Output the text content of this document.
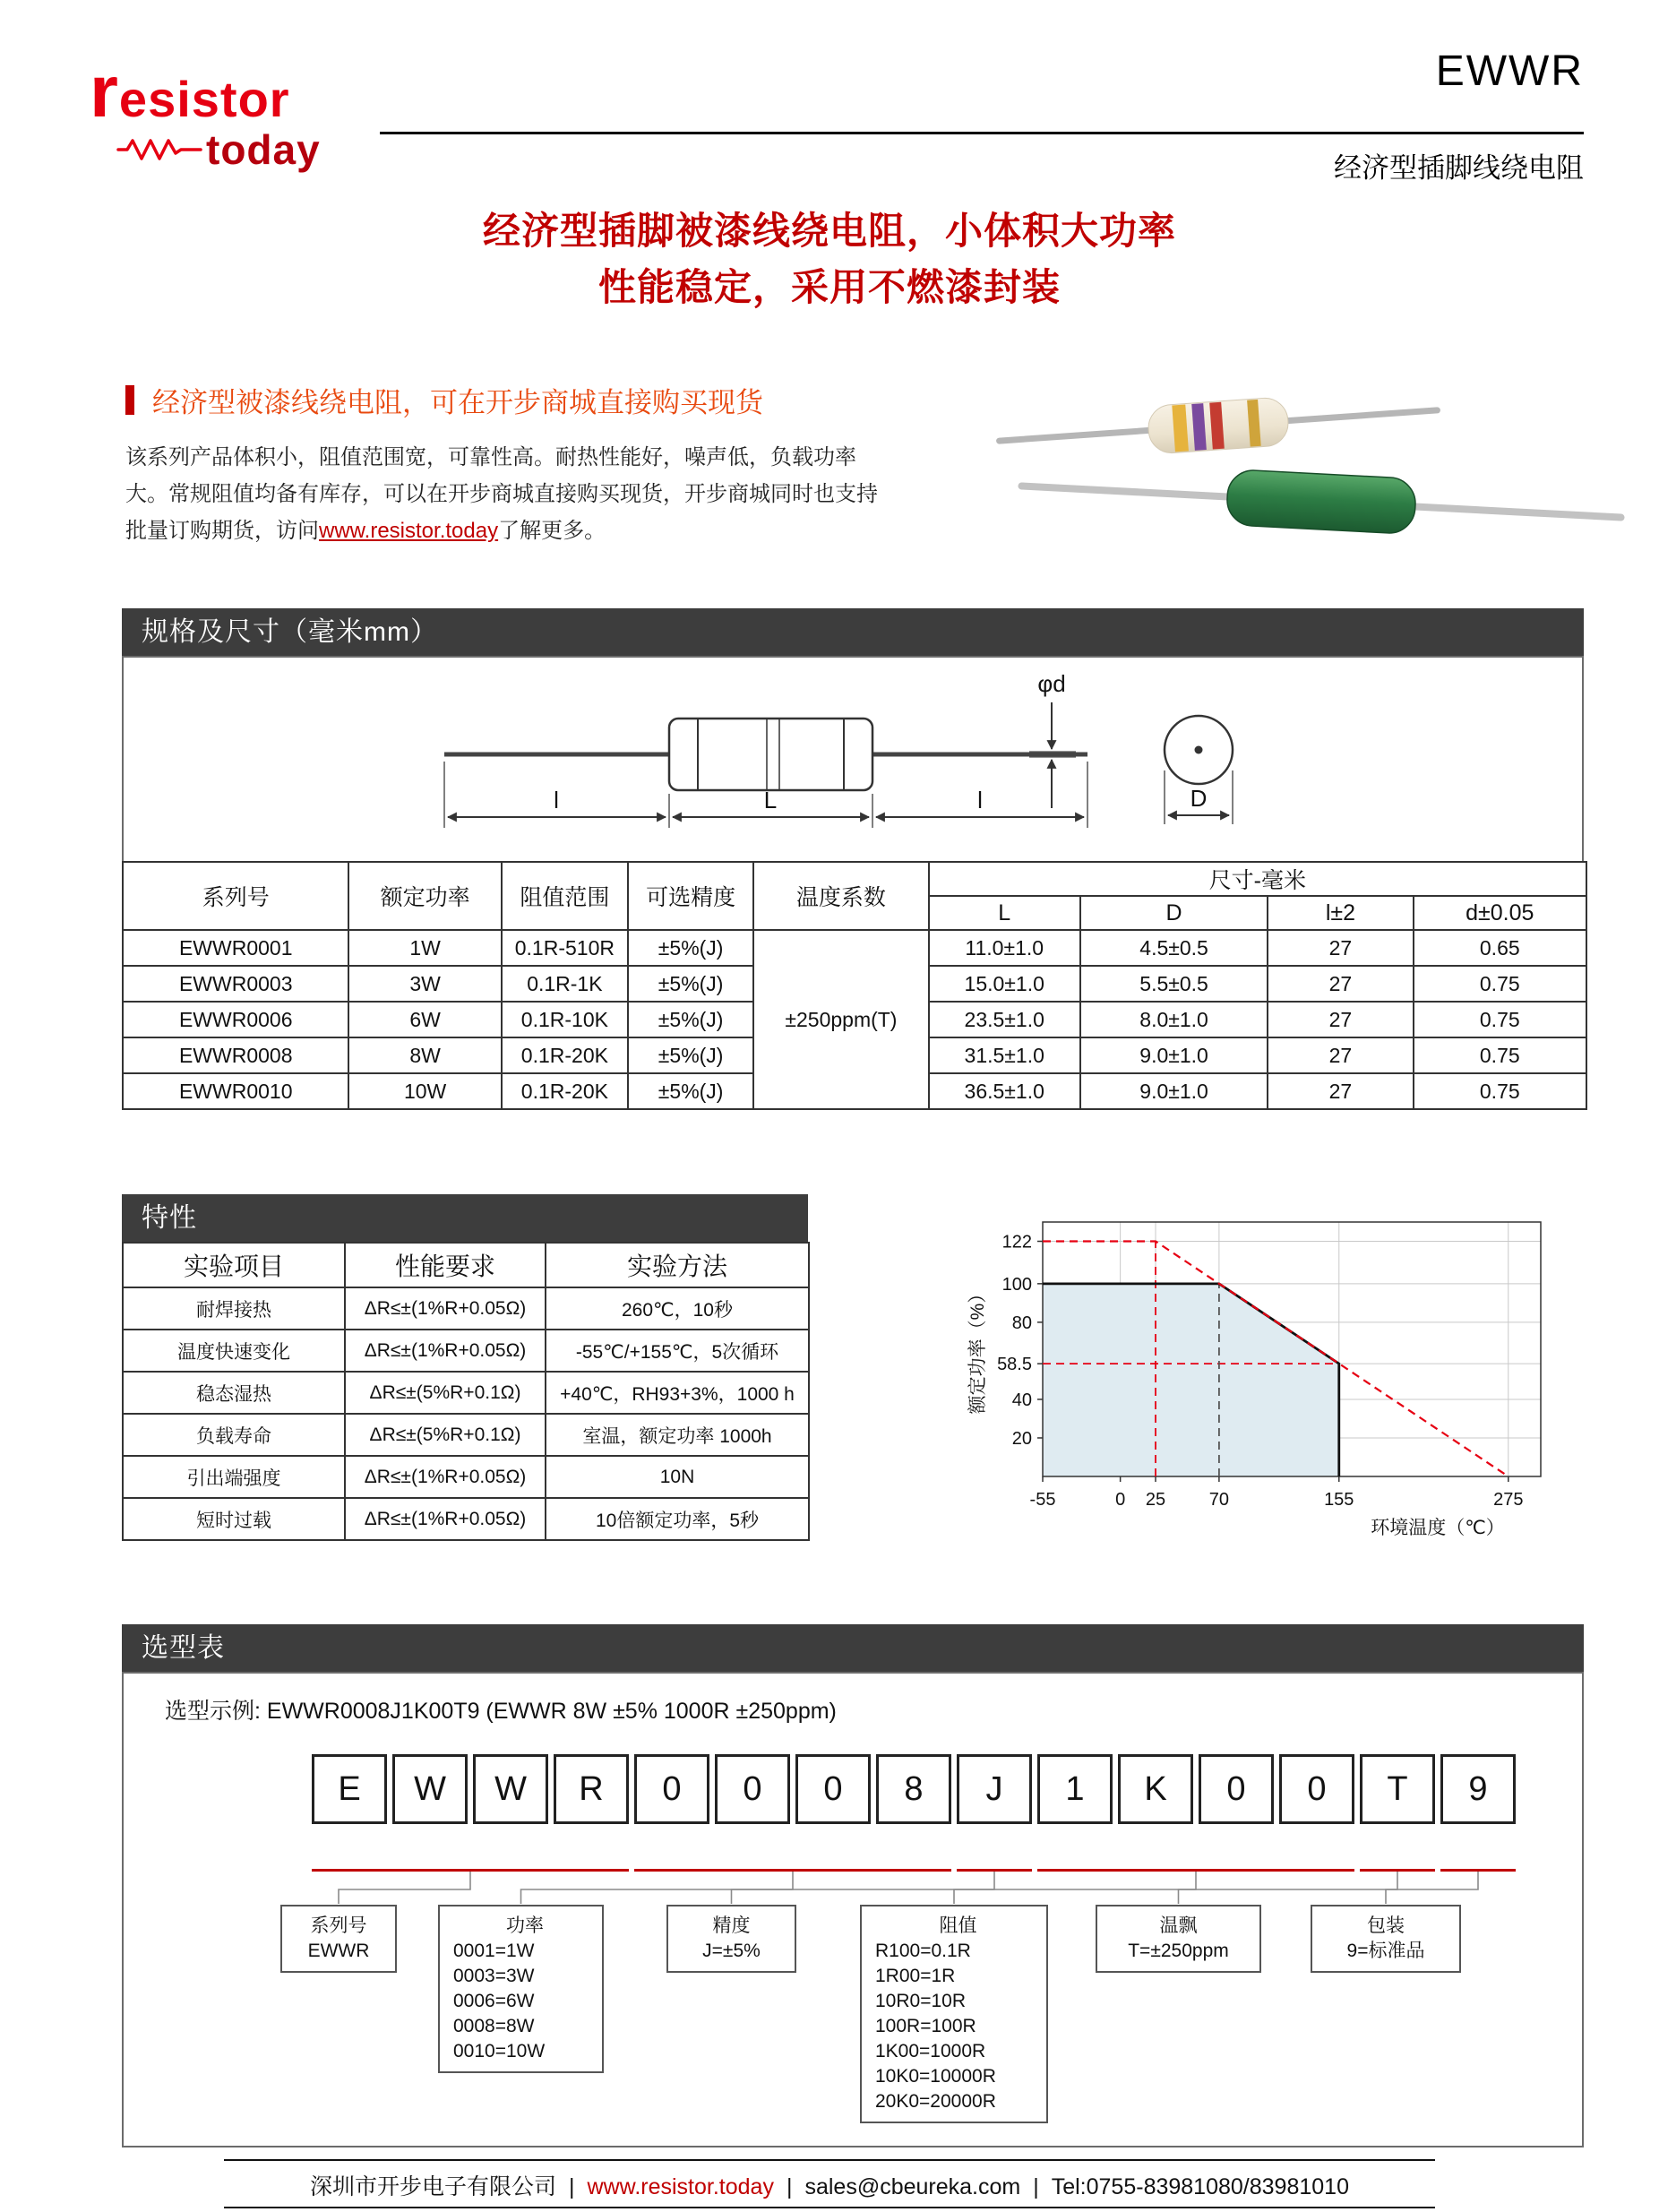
resistor
today
EWWR
经济型插脚线绕电阻
经济型插脚被漆线绕电阻，小体积大功率
性能稳定，采用不燃漆封装
经济型被漆线绕电阻，可在开步商城直接购买现货

该系列产品体积小，阻值范围宽，可靠性高。耐热性能好，噪声低，负载功率大。常规阻值均备有库存，可以在开步商城直接购买现货，开步商城同时也支持批量订购期货，访问www.resistor.today了解更多。

规格及尺寸（毫米mm）
l	L	l
φd
D
系列号	额定功率	阻值范围	可选精度	温度系数	尺寸-毫米			
					L	D	l±2	d±0.05
EWWR0001	1W	0.1R-510R	±5%(J)	±250ppm(T)	11.0±1.0	4.5±0.5	27	0.65
EWWR0003	3W	0.1R-1K	±5%(J)		15.0±1.0	5.5±0.5	27	0.75
EWWR0006	6W	0.1R-10K	±5%(J)		23.5±1.0	8.0±1.0	27	0.75
EWWR0008	8W	0.1R-20K	±5%(J)		31.5±1.0	9.0±1.0	27	0.75
EWWR0010	10W	0.1R-20K	±5%(J)		36.5±1.0	9.0±1.0	27	0.75
特性
实验项目	性能要求	实验方法
耐焊接热	ΔR≤±(1%R+0.05Ω)	260℃，10秒
温度快速变化	ΔR≤±(1%R+0.05Ω)	-55℃/+155℃，5次循环
稳态湿热	ΔR≤±(5%R+0.1Ω)	+40℃，RH93+3%，1000 h
负载寿命	ΔR≤±(5%R+0.1Ω)	室温，额定功率 1000h
引出端强度	ΔR≤±(1%R+0.05Ω)	10N
短时过载	ΔR≤±(1%R+0.05Ω)	10倍额定功率，5秒
122
100
80
58.5
40
20
-55	0 25 70	155	275
额定功率（%）
环境温度（℃）
选型表
选型示例: EWWR0008J1K00T9 (EWWR 8W ±5% 1000R ±250ppm)
E	W	W	R	0	0	0	8	J	1	K	0	0	T	9
系列号
EWWR
功率
0001=1W
0003=3W
0006=6W
0008=8W
0010=10W
精度
J=±5%
阻值
R100=0.1R
1R00=1R
10R0=10R
100R=100R
1K00=1000R
10K0=10000R
20K0=20000R
温飘
T=±250ppm
包装
9=标准品
深圳市开步电子有限公司 | www.resistor.today | sales@cbeureka.com | Tel:0755-83981080/83981010
